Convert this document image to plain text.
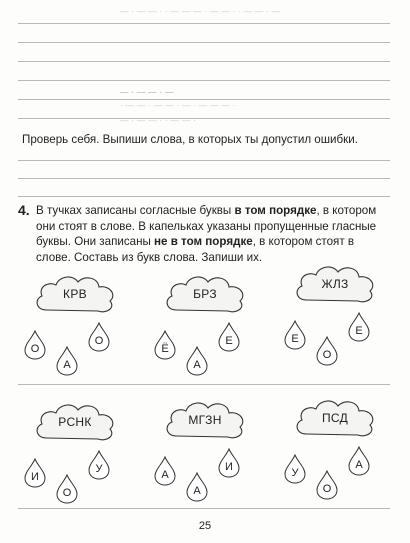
— · — — · · — — — · — — · · — — · —
— · — — · —
· — — · — — · — · — — — ·
— · — — · · — — ·
Проверь себя. Выпиши слова, в которых ты допустил ошибки.
4. В тучках записаны согласные буквы в том порядке, в котором они стоят в слове. В капельках указаны пропущенные гласные буквы. Они записаны не в том порядке, в котором стоят в слове. Составь из букв слова. Запиши их.
КРВ
О
А
О
БРЗ
Ё
А
Е
ЖЛЗ
Е
О
Е
РСНК
И
О
У
МГЗН
А
А
И
ПСД
У
О
А
25
